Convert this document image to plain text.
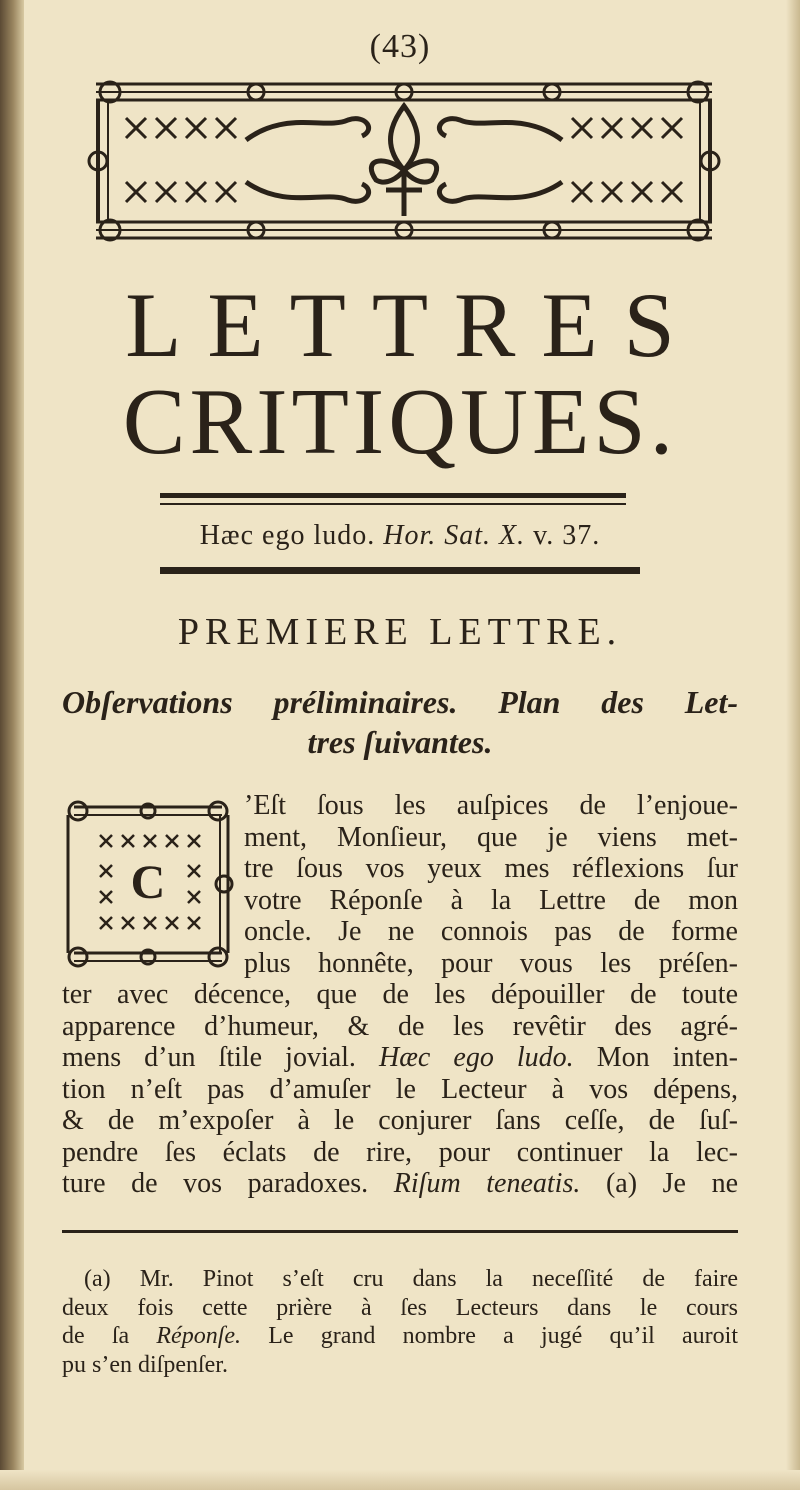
(43)
LETTRES
CRITIQUES.
Hæc ego ludo. Hor. Sat. X. v. 37.
PREMIERE LETTRE.
Obſervations préliminaires. Plan des Let-
tres ſuivantes.
C
’Eſt ſous les auſpices de l’enjoue-
ment, Monſieur, que je viens met-
tre ſous vos yeux mes réflexions ſur
votre Réponſe à la Lettre de mon
oncle. Je ne connois pas de forme
plus honnête, pour vous les préſen-
ter avec décence, que de les dépouiller de toute
apparence d’humeur, & de les revêtir des agré-
mens d’un ſtile jovial. Hæc ego ludo. Mon inten-
tion n’eſt pas d’amuſer le Lecteur à vos dépens,
& de m’expoſer à le conjurer ſans ceſſe, de ſuſ-
pendre ſes éclats de rire, pour continuer la lec-
ture de vos paradoxes. Riſum teneatis. (a) Je ne
(a) Mr. Pinot s’eſt cru dans la neceſſité de faire
deux fois cette prière à ſes Lecteurs dans le cours
de ſa Réponſe. Le grand nombre a jugé qu’il auroit
pu s’en diſpenſer.
